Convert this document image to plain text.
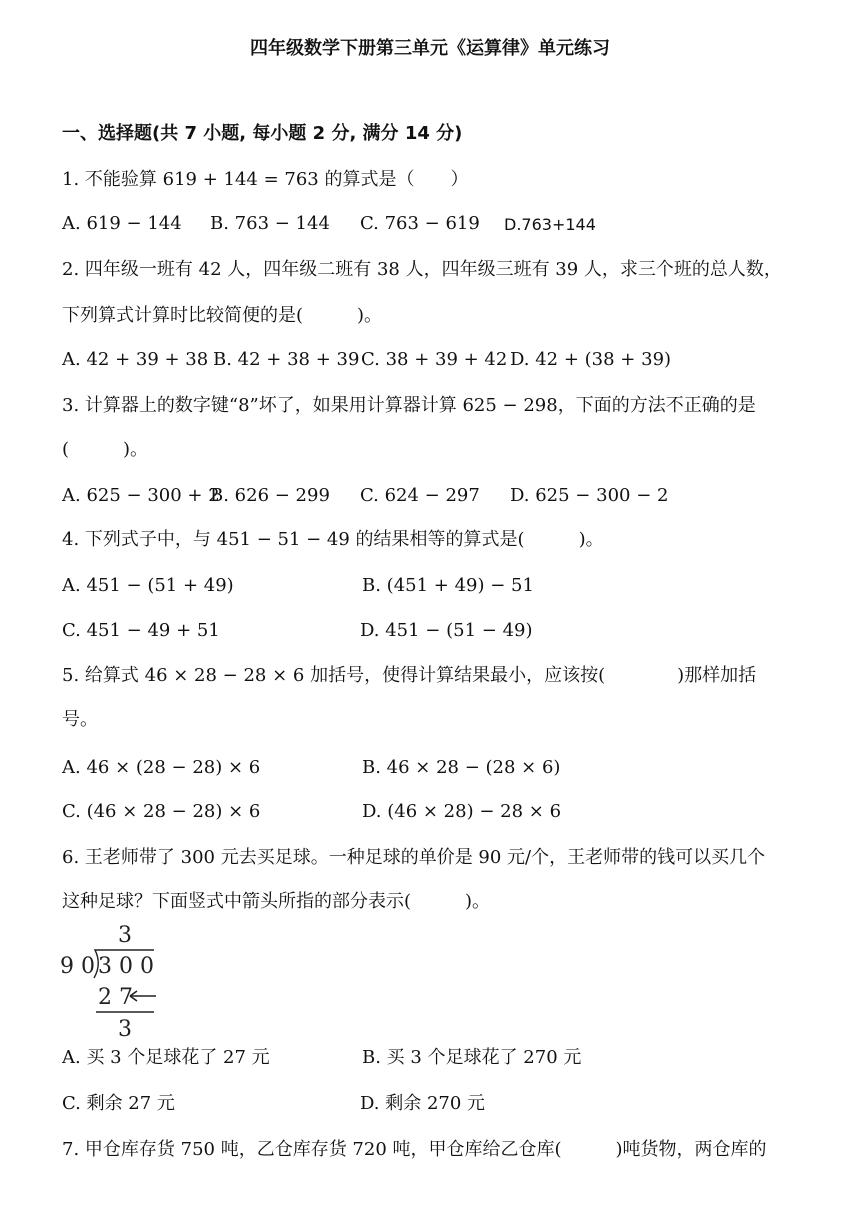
四年级数学下册第三单元《运算律》单元练习
一、选择题(共 7 小题, 每小题 2 分, 满分 14 分)
1. 不能验算 619 + 144 = 763 的算式是（　　）
A. 619 − 144 B. 763 − 144 C. 763 − 619 D.763+144
2. 四年级一班有 42 人，四年级二班有 38 人，四年级三班有 39 人，求三个班的总人数，
下列算式计算时比较简便的是(　　　)。
A. 42 + 39 + 38 B. 42 + 38 + 39 C. 38 + 39 + 42 D. 42 + (38 + 39)
3. 计算器上的数字键“8”坏了，如果用计算器计算 625 − 298，下面的方法不正确的是
(　　　)。
A. 625 − 300 + 2
B. 626 − 299 C. 624 − 297 D. 625 − 300 − 2
4. 下列式子中，与 451 − 51 − 49 的结果相等的算式是(　　　)。
A. 451 − (51 + 49)	B. (451 + 49) − 51
C. 451 − 49 + 51	D. 451 − (51 − 49)
5. 给算式 46 × 28 − 28 × 6 加括号，使得计算结果最小，应该按(　　　　)那样加括
号。
A. 46 × (28 − 28) × 6	B. 46 × 28 − (28 × 6)
C. (46 × 28 − 28) × 6	D. (46 × 28) − 28 × 6
6. 王老师带了 300 元去买足球。一种足球的单价是 90 元/个，王老师带的钱可以买几个
这种足球？下面竖式中箭头所指的部分表示(　　　)。
3
9 0 3 0 0
2 7
3
A. 买 3 个足球花了 27 元	B. 买 3 个足球花了 270 元
C. 剩余 27 元	D. 剩余 270 元
7. 甲仓库存货 750 吨，乙仓库存货 720 吨，甲仓库给乙仓库(　　　)吨货物，两仓库的
